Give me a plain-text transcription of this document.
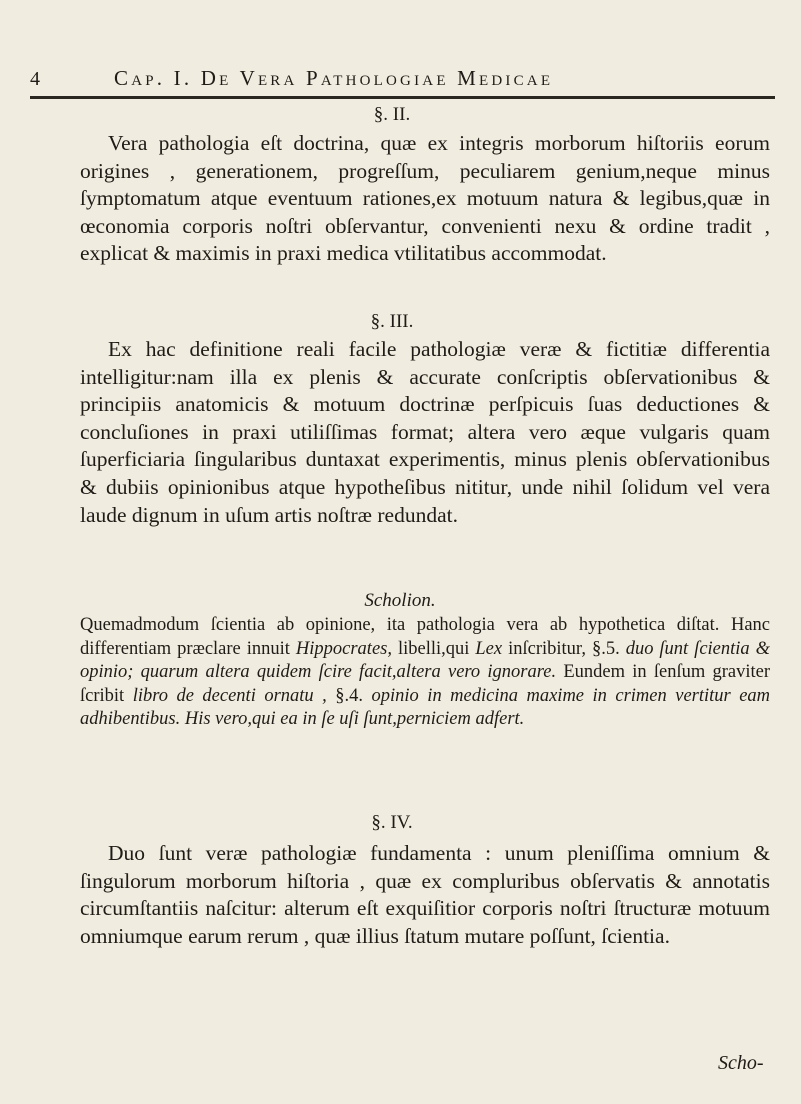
4	Cap. I. De Vera Pathologiae Medicae
§. II.

Vera pathologia eſt doctrina, quæ ex integris morborum hiſtoriis eorum origines , generationem, progreſſum, peculiarem genium,neque minus ſymptomatum atque eventuum rationes,ex motuum natura & legibus,quæ in œconomia corporis noſtri obſervantur, convenienti nexu & ordine tradit , explicat & maximis in praxi medica vtilitatibus accommodat.

§. III.

Ex hac definitione reali facile pathologiæ veræ & fictitiæ differentia intelligitur:nam illa ex plenis & accurate conſcriptis obſervationibus & principiis anatomicis & motuum doctrinæ perſpicuis ſuas deductiones & concluſiones in praxi utiliſſimas format; altera vero æque vulgaris quam ſuperficiaria ſingularibus duntaxat experimentis, minus plenis obſervationibus & dubiis opinionibus atque hypotheſibus nititur, unde nihil ſolidum vel vera laude dignum in uſum artis noſtræ redundat.

Scholion.

Quemadmodum ſcientia ab opinione, ita pathologia vera ab hypothetica diſtat. Hanc differentiam præclare innuit Hippocrates, libelli,qui Lex inſcribitur, §.5. duo ſunt ſcientia & opinio; quarum altera quidem ſcire facit,altera vero ignorare. Eundem in ſenſum graviter ſcribit libro de decenti ornatu , §.4. opinio in medicina maxime in crimen vertitur eam adhibentibus. His vero,qui ea in ſe uſi ſunt,perniciem adfert.

§. IV.

Duo ſunt veræ pathologiæ fundamenta : unum pleniſſima omnium & ſingulorum morborum hiſtoria , quæ ex compluribus obſervatis & annotatis circumſtantiis naſcitur: alterum eſt exquiſitior corporis noſtri ſtructuræ motuum omniumque earum rerum , quæ illius ſtatum mutare poſſunt, ſcientia.

Scho-
